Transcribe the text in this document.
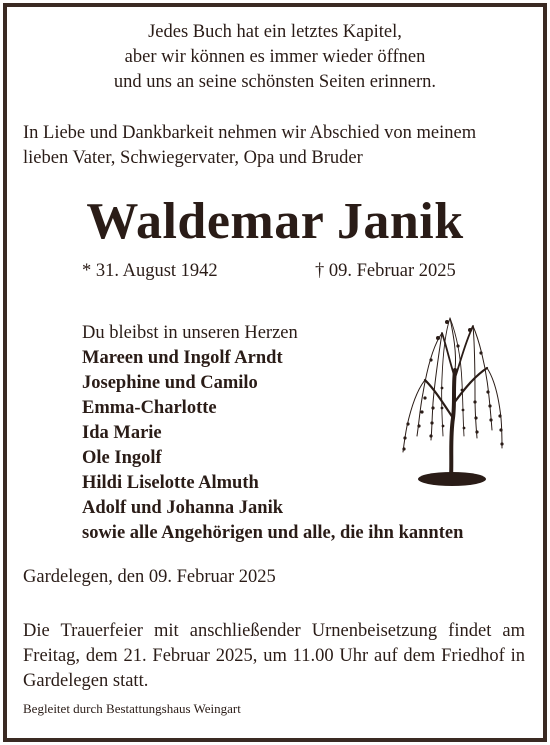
Jedes Buch hat ein letztes Kapitel,
aber wir können es immer wieder öffnen
und uns an seine schönsten Seiten erinnern.
In Liebe und Dankbarkeit nehmen wir Abschied von meinem
lieben Vater, Schwiegervater, Opa und Bruder
Waldemar Janik
* 31. August 1942	† 09. Februar 2025
Du bleibst in unseren Herzen
Mareen und Ingolf Arndt
Josephine und Camilo
Emma-Charlotte
Ida Marie
Ole Ingolf
Hildi Liselotte Almuth
Adolf und Johanna Janik
sowie alle Angehörigen und alle, die ihn kannten
Gardelegen, den 09. Februar 2025
Die Trauerfeier mit anschließender Urnenbeisetzung findet am Freitag, dem 21. Februar 2025, um 11.00 Uhr auf dem Friedhof in Gardelegen statt.
Begleitet durch Bestattungshaus Weingart
